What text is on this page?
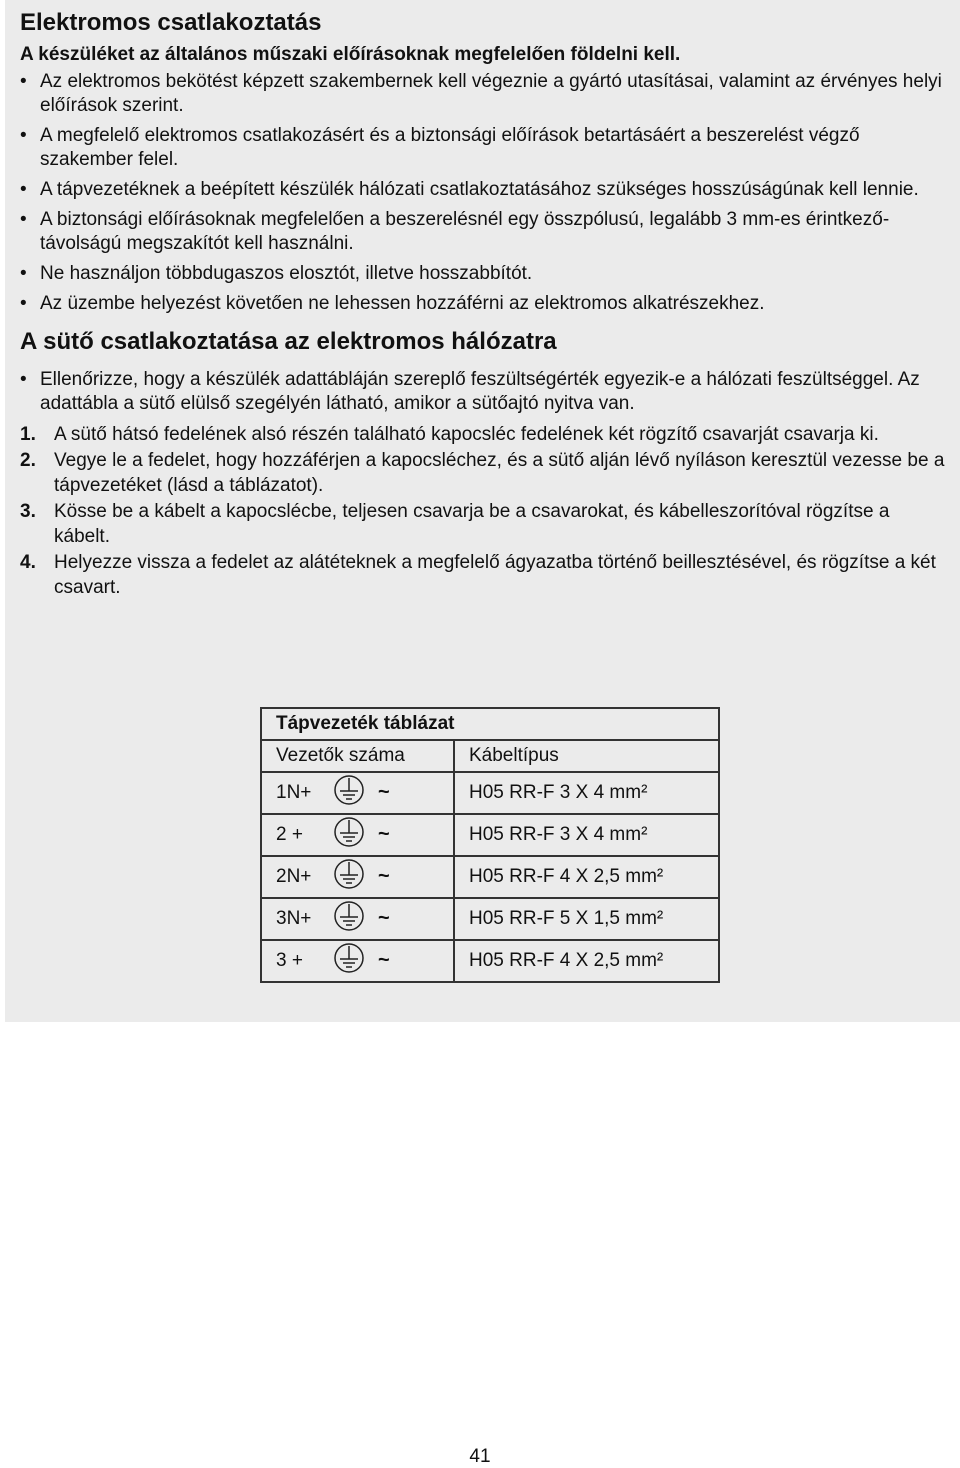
Elektromos csatlakoztatás
A készüléket az általános műszaki előírásoknak megfelelően földelni kell.
• Az elektromos bekötést képzett szakembernek kell végeznie a gyártó utasításai, valamint az érvényes helyi előírások szerint.
• A megfelelő elektromos csatlakozásért és a biztonsági előírások betartásáért a beszerelést végző szakember felel.
• A tápvezetéknek a beépített készülék hálózati csatlakoztatásához szükséges hosszúságúnak kell lennie.
• A biztonsági előírásoknak megfelelően a beszerelésnél egy összpólusú, legalább 3 mm-es érintkező-távolságú megszakítót kell használni.
• Ne használjon többdugaszos elosztót, illetve hosszabbítót.
• Az üzembe helyezést követően ne lehessen hozzáférni az elektromos alkatrészekhez.
A sütő csatlakoztatása az elektromos hálózatra
• Ellenőrizze, hogy a készülék adattábláján szereplő feszültségérték egyezik-e a hálózati feszültséggel. Az adattábla a sütő elülső szegélyén látható, amikor a sütőajtó nyitva van.
1. A sütő hátsó fedelének alsó részén található kapocsléc fedelének két rögzítő csavarját csavarja ki.
2. Vegye le a fedelet, hogy hozzáférjen a kapocsléchez, és a sütő alján lévő nyíláson keresztül vezesse be a tápvezetéket (lásd a táblázatot).
3. Kösse be a kábelt a kapocslécbe, teljesen csavarja be a csavarokat, és kábelleszorítóval rögzítse a kábelt.
4. Helyezze vissza a fedelet az alátéteknek a megfelelő ágyazatba történő beillesztésével, és rögzítse a két csavart.
Tápvezeték táblázat	
Vezetők száma	Kábeltípus
1N+ ~	H05 RR-F 3 X 4 mm²
2 + ~	H05 RR-F 3 X 4 mm²
2N+ ~	H05 RR-F 4 X 2,5 mm²
3N+ ~	H05 RR-F 5 X 1,5 mm²
3 + ~	H05 RR-F 4 X 2,5 mm²
41
